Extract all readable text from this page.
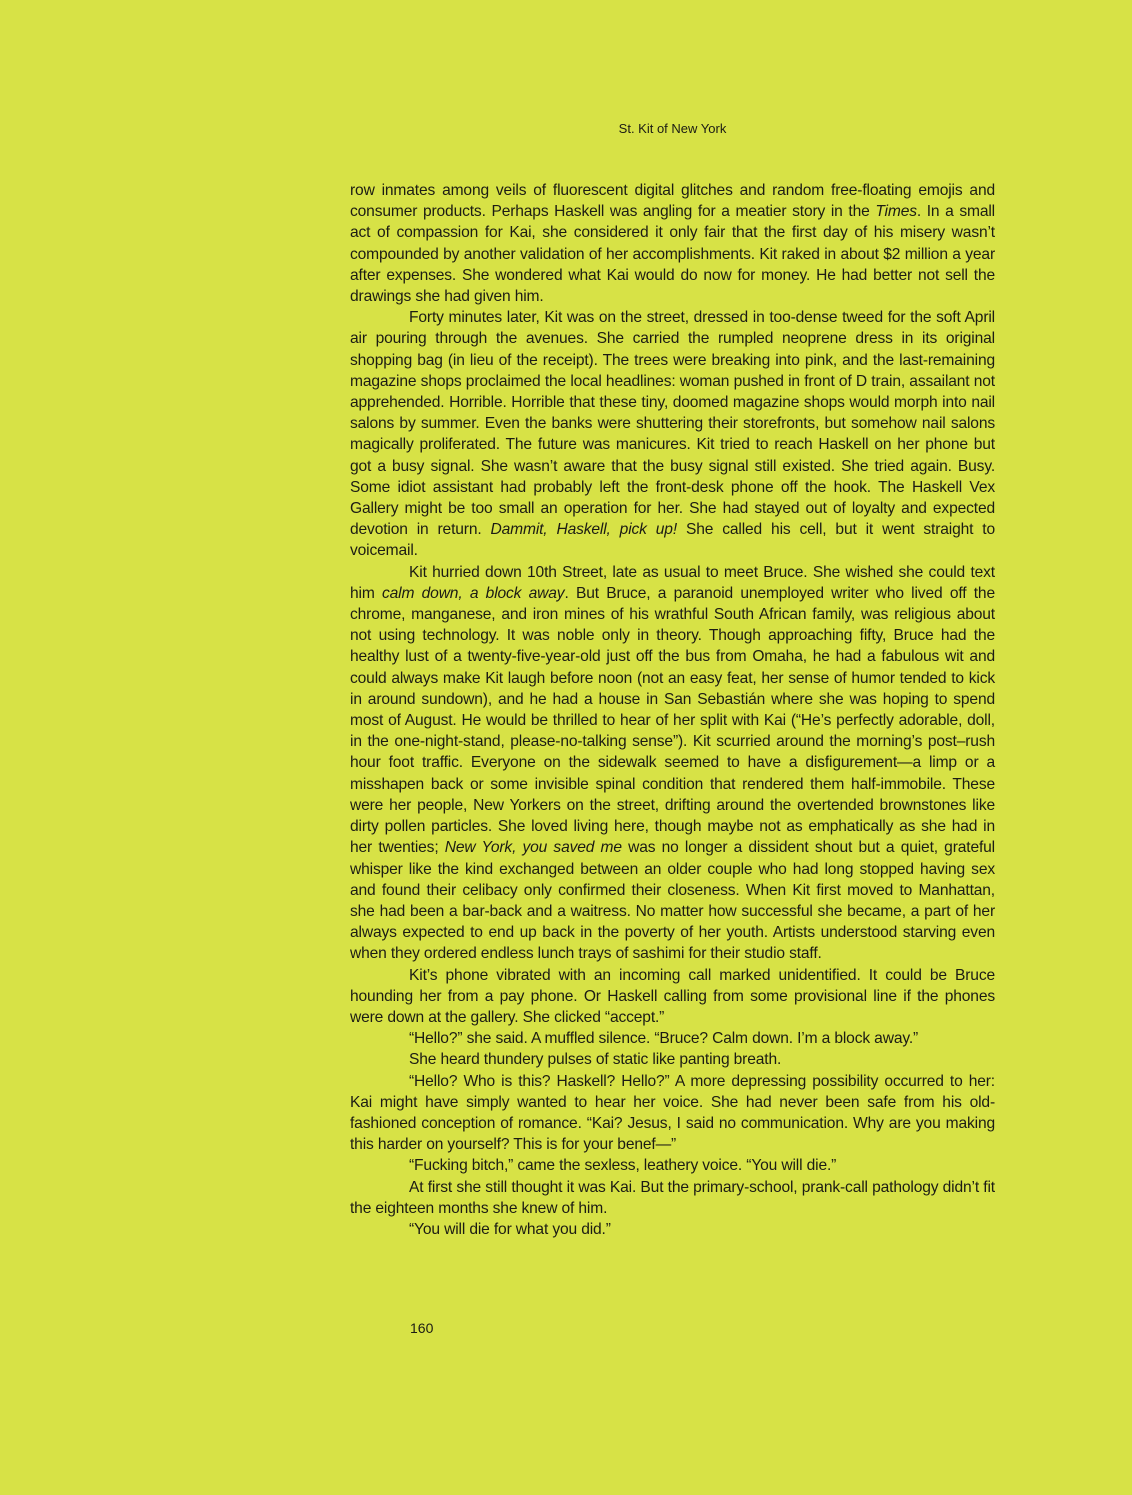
St. Kit of New York

row inmates among veils of fluorescent digital glitches and random free-floating emojis and consumer products. Perhaps Haskell was angling for a meatier story in the Times. In a small act of compassion for Kai, she considered it only fair that the first day of his misery wasn’t compounded by another validation of her accomplishments. Kit raked in about $2 million a year after expenses. She wondered what Kai would do now for money. He had better not sell the drawings she had given him.

Forty minutes later, Kit was on the street, dressed in too-dense tweed for the soft April air pouring through the avenues. She carried the rumpled neoprene dress in its original shopping bag (in lieu of the receipt). The trees were breaking into pink, and the last-remaining magazine shops proclaimed the local headlines: woman pushed in front of D train, assailant not apprehended. Horrible. Horrible that these tiny, doomed magazine shops would morph into nail salons by summer. Even the banks were shuttering their storefronts, but somehow nail salons magically proliferated. The future was manicures. Kit tried to reach Haskell on her phone but got a busy signal. She wasn’t aware that the busy signal still existed. She tried again. Busy. Some idiot assistant had probably left the front-desk phone off the hook. The Haskell Vex Gallery might be too small an operation for her. She had stayed out of loyalty and expected devotion in return. Dammit, Haskell, pick up! She called his cell, but it went straight to voicemail.

Kit hurried down 10th Street, late as usual to meet Bruce. She wished she could text him calm down, a block away. But Bruce, a paranoid unemployed writer who lived off the chrome, manganese, and iron mines of his wrathful South African family, was religious about not using technology. It was noble only in theory. Though approaching fifty, Bruce had the healthy lust of a twenty-five-year-old just off the bus from Omaha, he had a fabulous wit and could always make Kit laugh before noon (not an easy feat, her sense of humor tended to kick in around sundown), and he had a house in San Sebastián where she was hoping to spend most of August. He would be thrilled to hear of her split with Kai (“He’s perfectly adorable, doll, in the one-night-stand, please-no-talking sense”). Kit scurried around the morning’s post–rush hour foot traffic. Everyone on the sidewalk seemed to have a disfigurement—a limp or a misshapen back or some invisible spinal condition that rendered them half-immobile. These were her people, New Yorkers on the street, drifting around the overtended brownstones like dirty pollen particles. She loved living here, though maybe not as emphatically as she had in her twenties; New York, you saved me was no longer a dissident shout but a quiet, grateful whisper like the kind exchanged between an older couple who had long stopped having sex and found their celibacy only confirmed their closeness. When Kit first moved to Manhattan, she had been a bar-back and a waitress. No matter how successful she became, a part of her always expected to end up back in the poverty of her youth. Artists understood starving even when they ordered endless lunch trays of sashimi for their studio staff.

Kit’s phone vibrated with an incoming call marked unidentified. It could be Bruce hounding her from a pay phone. Or Haskell calling from some provisional line if the phones were down at the gallery. She clicked “accept.”

“Hello?” she said. A muffled silence. “Bruce? Calm down. I’m a block away.”

She heard thundery pulses of static like panting breath.

“Hello? Who is this? Haskell? Hello?” A more depressing possibility occurred to her: Kai might have simply wanted to hear her voice. She had never been safe from his old-fashioned conception of romance. “Kai? Jesus, I said no communication. Why are you making this harder on yourself? This is for your benef—”

“Fucking bitch,” came the sexless, leathery voice. “You will die.”

At first she still thought it was Kai. But the primary-school, prank-call pathology didn’t fit the eighteen months she knew of him.

“You will die for what you did.”

160
